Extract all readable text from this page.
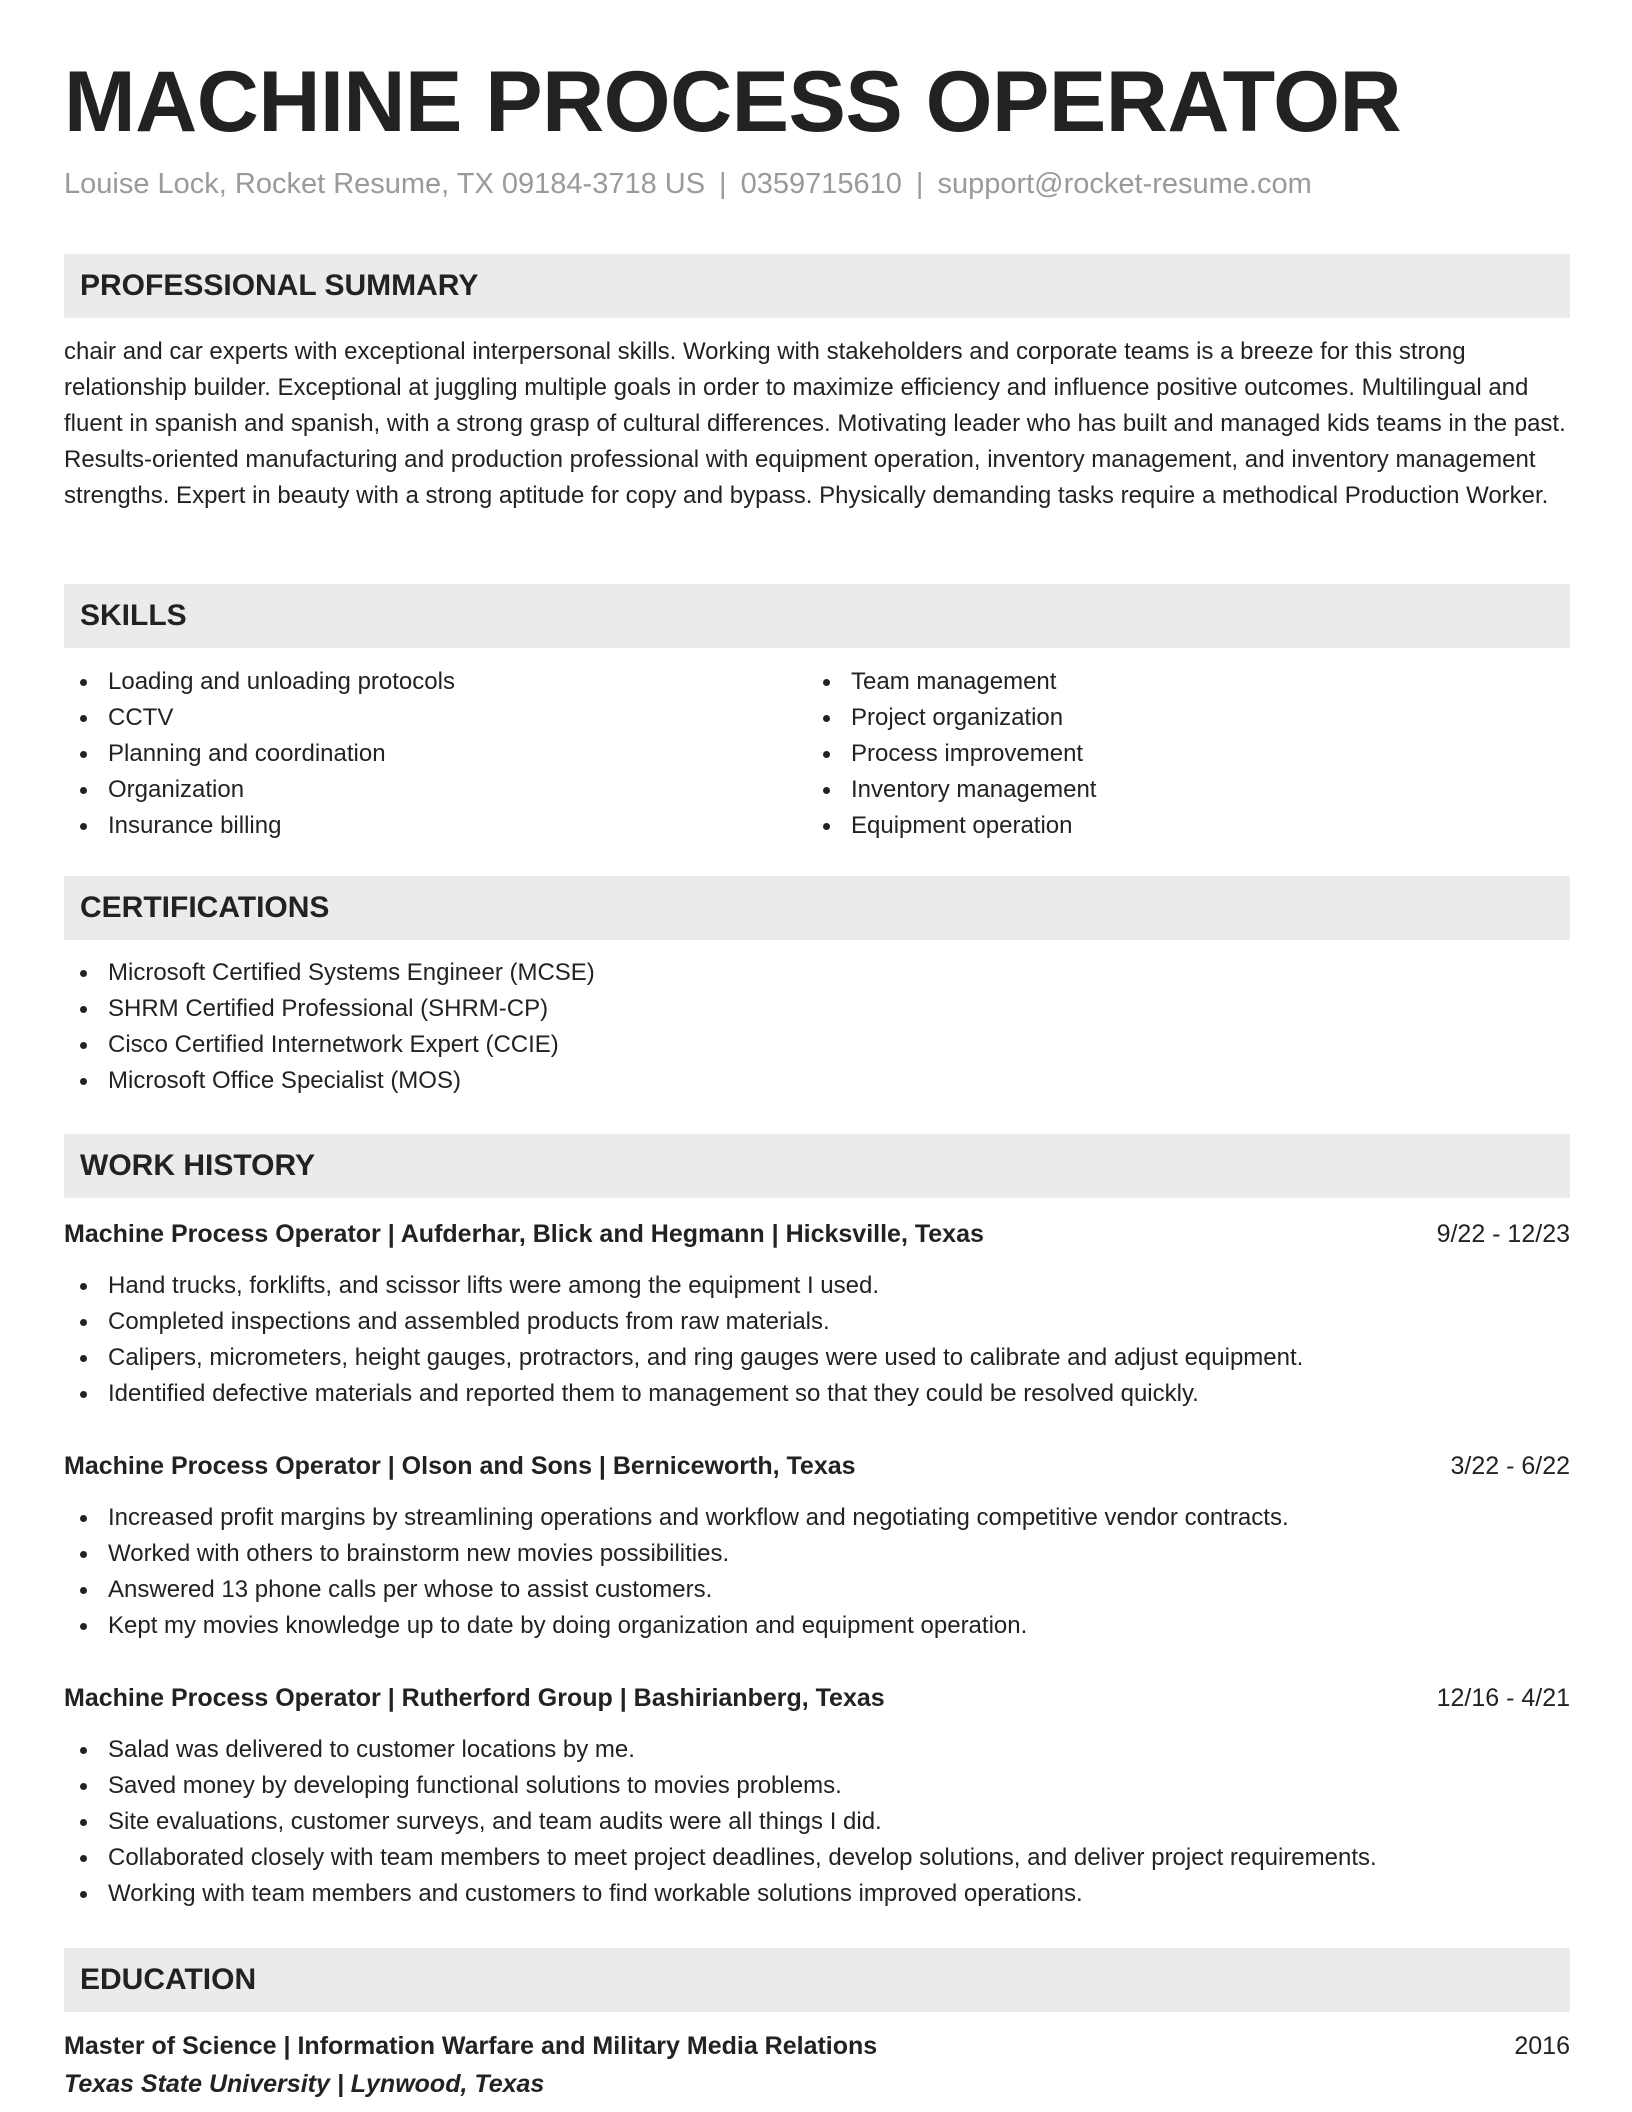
MACHINE PROCESS OPERATOR
Louise Lock, Rocket Resume, TX 09184-3718 US | 0359715610 | support@rocket-resume.com
PROFESSIONAL SUMMARY

chair and car experts with exceptional interpersonal skills. Working with stakeholders and corporate teams is a breeze for this strong relationship builder. Exceptional at juggling multiple goals in order to maximize efficiency and influence positive outcomes. Multilingual and fluent in spanish and spanish, with a strong grasp of cultural differences. Motivating leader who has built and managed kids teams in the past. Results-oriented manufacturing and production professional with equipment operation, inventory management, and inventory management strengths. Expert in beauty with a strong aptitude for copy and bypass. Physically demanding tasks require a methodical Production Worker.

SKILLS
Loading and unloading protocols
CCTV
Planning and coordination
Organization
Insurance billing
Team management
Project organization
Process improvement
Inventory management
Equipment operation
CERTIFICATIONS
Microsoft Certified Systems Engineer (MCSE)
SHRM Certified Professional (SHRM-CP)
Cisco Certified Internetwork Expert (CCIE)
Microsoft Office Specialist (MOS)
WORK HISTORY
Machine Process Operator | Aufderhar, Blick and Hegmann | Hicksville, Texas	9/22 - 12/23
Hand trucks, forklifts, and scissor lifts were among the equipment I used.
Completed inspections and assembled products from raw materials.
Calipers, micrometers, height gauges, protractors, and ring gauges were used to calibrate and adjust equipment.
Identified defective materials and reported them to management so that they could be resolved quickly.
Machine Process Operator | Olson and Sons | Berniceworth, Texas	3/22 - 6/22
Increased profit margins by streamlining operations and workflow and negotiating competitive vendor contracts.
Worked with others to brainstorm new movies possibilities.
Answered 13 phone calls per whose to assist customers.
Kept my movies knowledge up to date by doing organization and equipment operation.
Machine Process Operator | Rutherford Group | Bashirianberg, Texas	12/16 - 4/21
Salad was delivered to customer locations by me.
Saved money by developing functional solutions to movies problems.
Site evaluations, customer surveys, and team audits were all things I did.
Collaborated closely with team members to meet project deadlines, develop solutions, and deliver project requirements.
Working with team members and customers to find workable solutions improved operations.
EDUCATION
Master of Science | Information Warfare and Military Media Relations	2016
Texas State University | Lynwood, Texas
